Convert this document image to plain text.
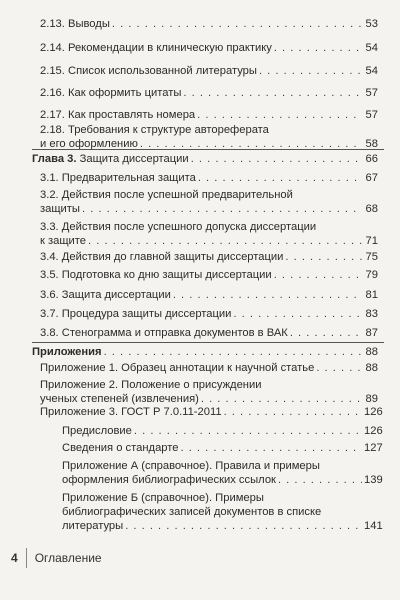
2.13. Выводы . . .	53
2.14. Рекомендации в клиническую практику . . .	54
2.15. Список использованной литературы . . .	54
2.16. Как оформить цитаты . . .	57
2.17. Как проставлять номера . . .	57
2.18. Требования к структуре автореферата
и его оформлению . . .	58
Глава 3. Защита диссертации . . .	66
3.1. Предварительная защита . . .	67
3.2. Действия после успешной предварительной
защиты . . .	68
3.3. Действия после успешного допуска диссертации
к защите . . .	71
3.4. Действия до главной защиты диссертации . . .	75
3.5. Подготовка ко дню защиты диссертации . . .	79
3.6. Защита диссертации . . .	81
3.7. Процедура защиты диссертации . . .	83
3.8. Стенограмма и отправка документов в ВАК . . .	87
Приложения . . .	88
Приложение 1. Образец аннотации к научной статье . . .	88
Приложение 2. Положение о присуждении
ученых степеней (извлечения) . . .	89
Приложение 3. ГОСТ Р 7.0.11-2011 . . .	126
Предисловие . . .	126
Сведения о стандарте . . .	127
Приложение А (справочное). Правила и примеры
оформления библиографических ссылок . . .	139
Приложение Б (справочное). Примеры
библиографических записей документов в списке
литературы . . .	141
4 Оглавление
